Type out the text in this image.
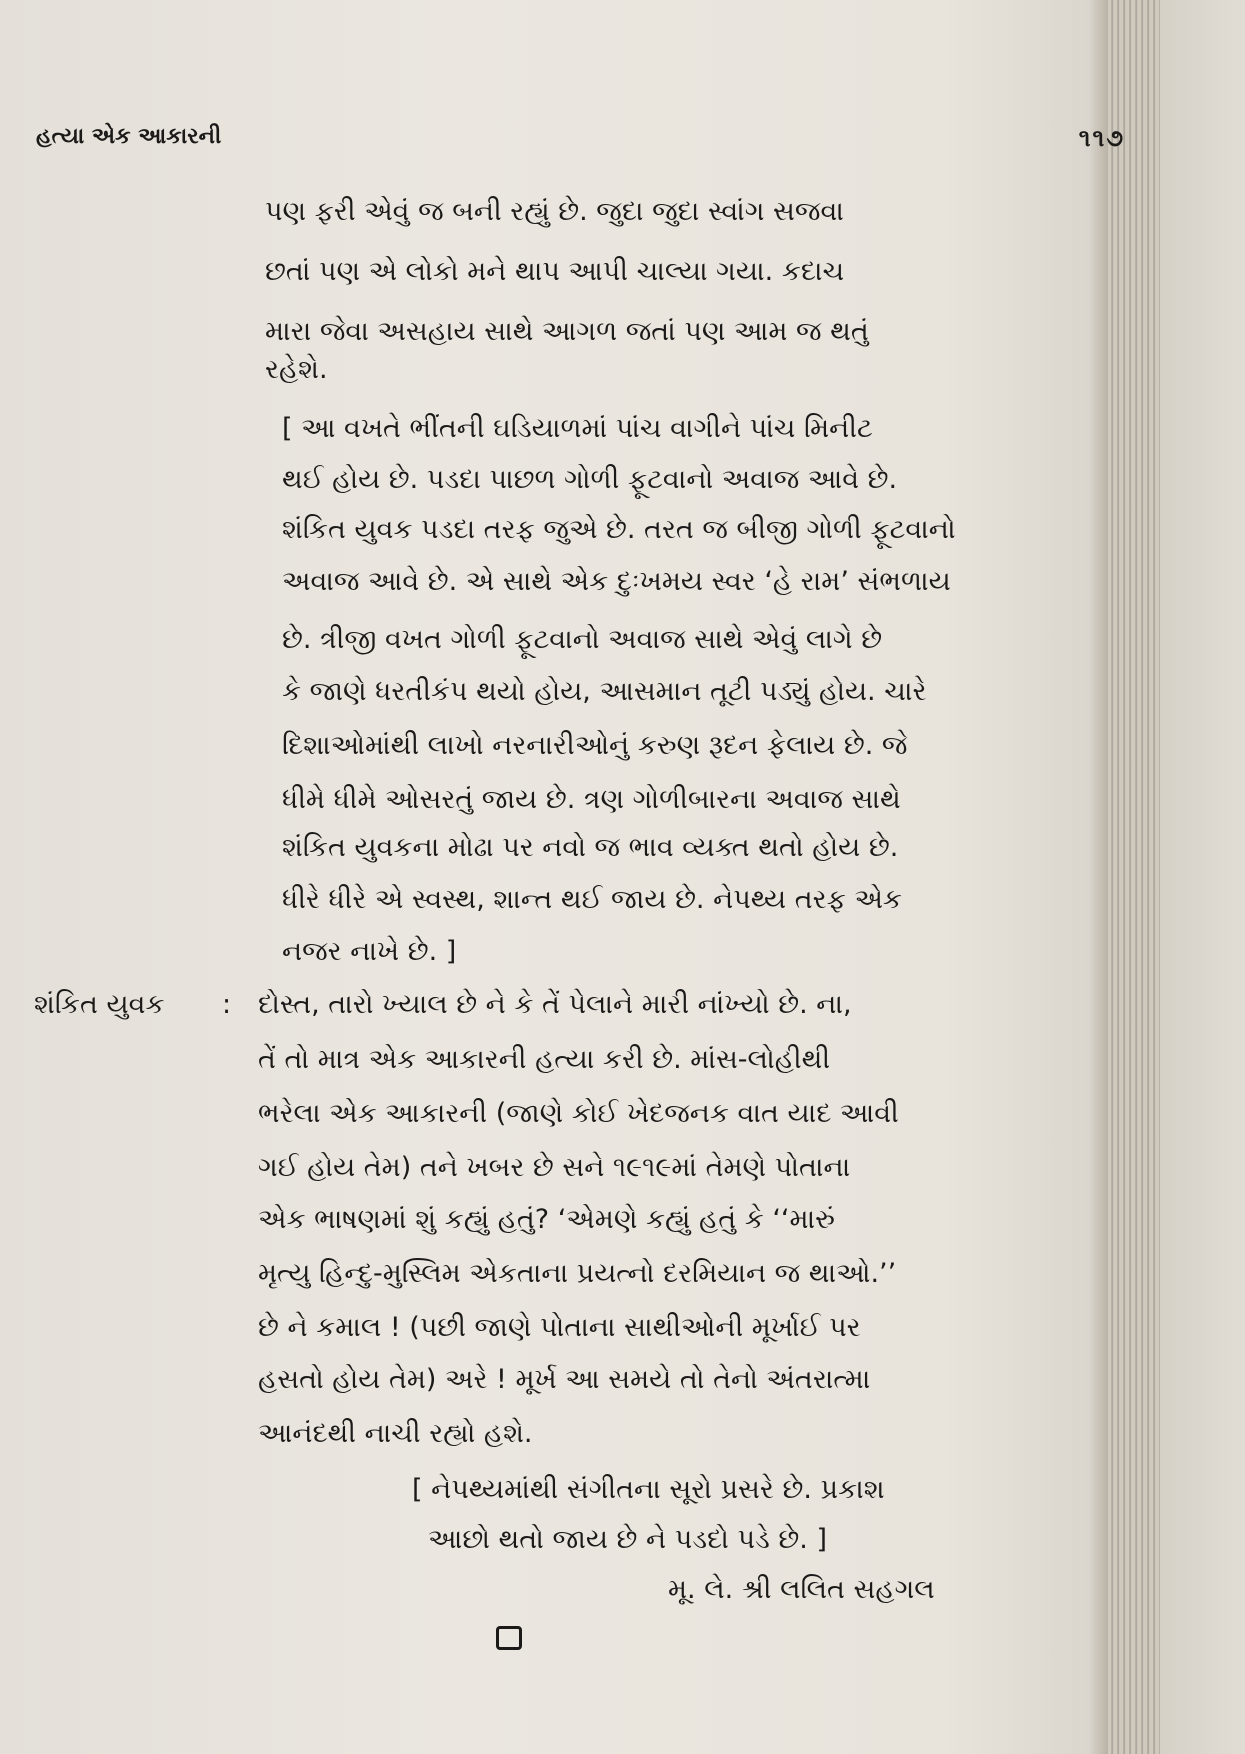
હત્યા એક આકારની	૧૧૭
પણ ફરી એવું જ બની રહ્યું છે. જુદા જુદા સ્વાંગ સજવા
છતાં પણ એ લોકો મને થાપ આપી ચાલ્યા ગયા. કદાચ
મારા જેવા અસહાય સાથે આગળ જતાં પણ આમ જ થતું
રહેશે.
[ આ વખતે ભીંતની ઘડિયાળમાં પાંચ વાગીને પાંચ મિનીટ
થઈ હોય છે. પડદા પાછળ ગોળી ફૂટવાનો અવાજ આવે છે.
શંકિત યુવક પડદા તરફ જુએ છે. તરત જ બીજી ગોળી ફૂટવાનો
અવાજ આવે છે. એ સાથે એક દુઃખમય સ્વર ‘હે રામ’ સંભળાય
છે. ત્રીજી વખત ગોળી ફૂટવાનો અવાજ સાથે એવું લાગે છે
કે જાણે ધરતીકંપ થયો હોય, આસમાન તૂટી પડ્યું હોય. ચારે
દિશાઓમાંથી લાખો નરનારીઓનું કરુણ રૂદન ફેલાય છે. જે
ધીમે ધીમે ઓસરતું જાય છે. ત્રણ ગોળીબારના અવાજ સાથે
શંકિત યુવકના મોઢા પર નવો જ ભાવ વ્યક્ત થતો હોય છે.
ધીરે ધીરે એ સ્વસ્થ, શાન્ત થઈ જાય છે. નેપથ્ય તરફ એક
નજર નાખે છે. ]
શંકિત યુવક : દોસ્ત, તારો ખ્યાલ છે ને કે તેં પેલાને મારી નાંખ્યો છે. ના,
તેં તો માત્ર એક આકારની હત્યા કરી છે. માંસ-લોહીથી
ભરેલા એક આકારની (જાણે કોઈ ખેદજનક વાત યાદ આવી
ગઈ હોય તેમ) તને ખબર છે સને ૧૯૧૯માં તેમણે પોતાના
એક ભાષણમાં શું કહ્યું હતું? ‘એમણે કહ્યું હતું કે ‘‘મારું
મૃત્યુ હિન્દુ-મુસ્લિમ એકતાના પ્રયત્નો દરમિયાન જ થાઓ.’’
છે ને કમાલ ! (પછી જાણે પોતાના સાથીઓની મૂર્ખાઈ પર
હસતો હોય તેમ) અરે ! મૂર્ખ આ સમયે તો તેનો અંતરાત્મા
આનંદથી નાચી રહ્યો હશે.
[ નેપથ્યમાંથી સંગીતના સૂરો પ્રસરે છે. પ્રકાશ
આછો થતો જાય છે ને પડદો પડે છે. ]
મૂ. લે. શ્રી લલિત સહગલ
